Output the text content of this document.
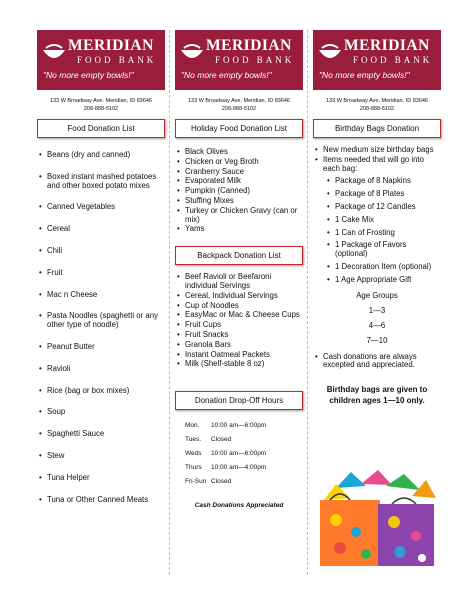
MERIDIAN
FOOD BANK
"No more empty bowls!"
133 W Broadway Ave. Meridian, ID 83646
208-888-5102
Food Donation List
• Beans (dry and canned)
• Boxed instant mashed potatoes and other boxed potato mixes
• Canned Vegetables
• Cereal
• Chili
• Fruit
• Mac n Cheese
• Pasta Noodles (spaghetti or any other type of noodle)
• Peanut Butter
• Ravioli
• Rice (bag or box mixes)
• Soup
• Spaghetti Sauce
• Stew
• Tuna Helper
• Tuna or Other Canned Meats
MERIDIAN
FOOD BANK
"No more empty bowls!"
133 W Broadway Ave. Meridian, ID 83646
208-888-5102
Holiday Food Donation List
• Black Olives
• Chicken or Veg Broth
• Cranberry Sauce
• Evaporated Milk
• Pumpkin (Canned)
• Stuffing Mixes
• Turkey or Chicken Gravy (can or mix)
• Yams
Backpack Donation List
• Beef Ravioli or Beefaroni individual Servings
• Cereal, Individual Servings
• Cup of Noodles
• EasyMac or Mac & Cheese Cups
• Fruit Cups
• Fruit Snacks
• Granola Bars
• Instant Oatmeal Packets
• Milk (Shelf-stable 8 oz)
Donation Drop-Off Hours
Mon.	10:00 am—6:00pm
Tues.	Closed
Weds	10:00 am—6:00pm
Thurs	10:00 am—4:00pm
Fri-Sun Closed
Cash Donations Appreciated
MERIDIAN
FOOD BANK
"No more empty bowls!"
133 W Broadway Ave. Meridian, ID 83646
208-888-5102
Birthday Bags Donation
• New medium size birthday bags
• Items needed that will go into each bag:
• Package of 8 Napkins
• Package of 8 Plates
• Package of 12 Candles
• 1 Cake Mix
• 1 Can of Frosting
• 1 Package of Favors (optional)
• 1 Decoration Item (optional)
• 1 Age Appropriate Gift
Age Groups
1—3
4—6
7—10
• Cash donations are always excepted and appreciated.
Birthday bags are given to children ages 1—10 only.
